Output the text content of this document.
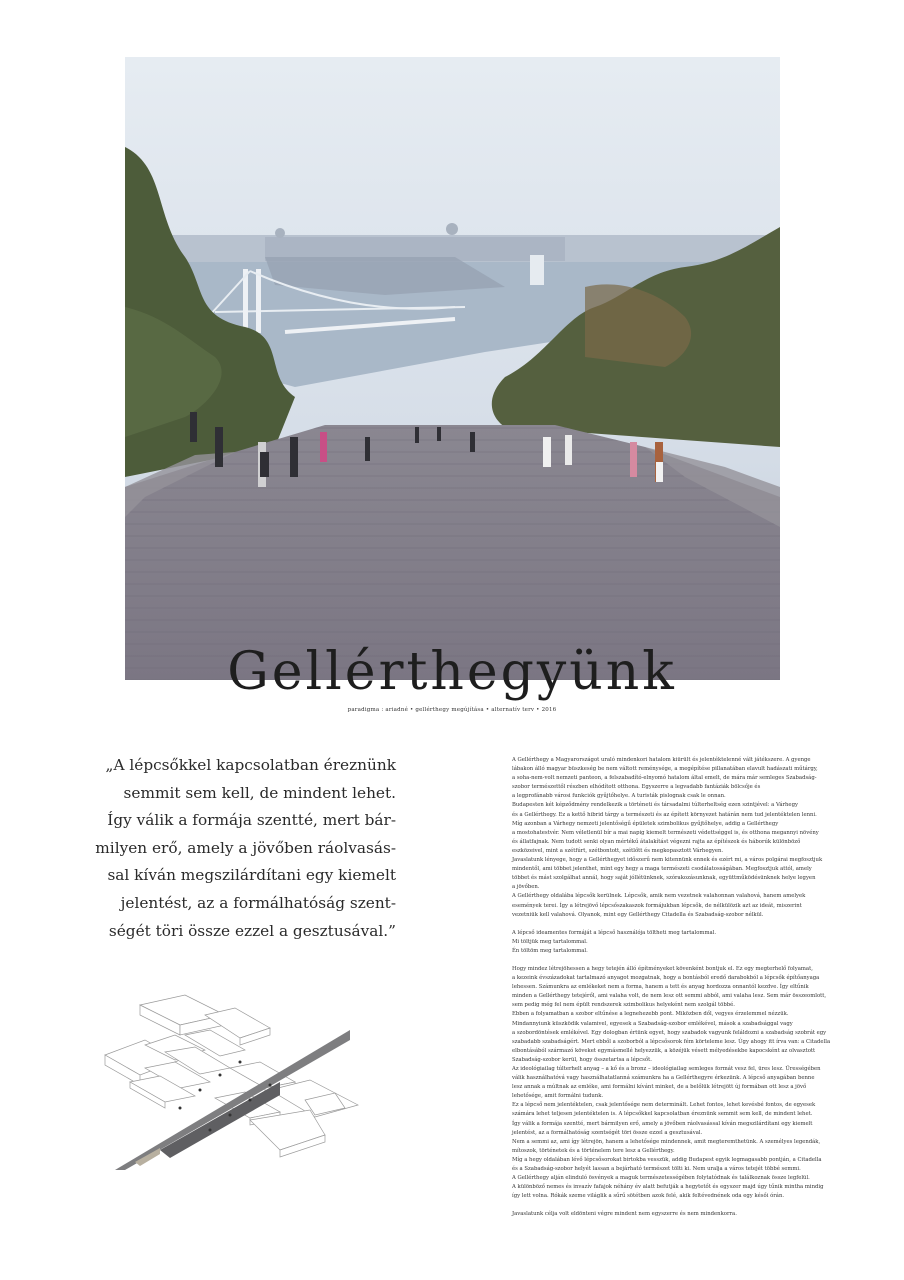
Gellérthegyünk
paradigma : ariadné • gellérthegy megújítása • alternatív terv • 2016

„A lépcsőkkel kapcsolatban éreznünk

semmit sem kell, de mindent lehet.

Így válik a formája szentté, mert bár-

milyen erő, amely a jövőben ráolvasás-

sal kíván megszilárdítani egy kiemelt

jelentést, az a formálhatóság szent-

ségét töri össze ezzel a gesztusával.”

A Gellérthegy a Magyarországot uraló mindenkori hatalom kiürült és jelentéktelenné vált játékszere. A gyenge

lábakon álló magyar büszkeség be nem váltott reménysége, a megépítése pillanatában elavult hadászati műtárgy,

a soha-nem-volt nemzeti panteon, a felszabadító-elnyomó hatalom által emelt, de mára már semleges Szabadság-

szobor természettől részben elhódított otthona. Egyszerre a legvadabb fantáziák bölcsője és

a legprofánabb városi funkciók gyűjtőhelye. A turisták pislognak csak le onnan.

Budapesten két képződmény rendelkezik a történeti és társadalmi túlterheltség ezen szintjével: a Várhegy

és a Gellérthegy. Ez a kettő hibrid tárgy a természeti és az épített környezet határán nem tud jelentéktelen lenni.

Míg azonban a Várhegy nemzeti jelentőségű épületek szimbolikus gyűjtőhelye, addig a Gellérthegy

a mostohatestvér. Nem véletlenül bír a mai napig kiemelt természeti védettséggel is, és otthona megannyi növény

és állatfajnak. Nem tudott senki olyan mértékű átalakítást végezni rajta az építészek és háborúk különböző

eszközeivel, mint a szétfúrt, szétbontott, szétlőtt és megkopasztott Várhegyen.

Javaslatunk lényege, hogy a Gellérthegyet időszerű nem kitennünk ennek és ezért mi, a város polgárai megfosztjuk

mindentől, ami többet jelenthet, mint egy hegy a maga természeti csodálatosságában. Megfosztjuk attól, amely

többet és mást szolgálhat annál, hogy saját jóllétünknek, szórakozásunknak, együttműködésünknek helye legyen

a jövőben.

A Gellérthegy oldalába lépcsők kerülnek. Lépcsők, amik nem vezetnek valahonnan valahová, hanem amelyek

események terei. Így a létrejövő lépcsőszakaszok formájukban lépcsők, de nélkülözik azt az ideát, miszerint

vezetniük kell valahová. Olyanok, mint egy Gellérthegy Citadella és Szabadság-szobor nélkül.

A lépcső ideamentes formáját a lépcső használója töltheti meg tartalommal.

Mi töltjük meg tartalommal.

Én töltöm meg tartalommal.

Hogy mindez létrejöhessen a hegy tetején álló építményeket kövenként bontjuk el. Ez egy megterhelő folyamat,

a kezeink évszázadokat tartalmazó anyagot mozgatnak, hogy a bontásból eredő darabokból a lépcsők építőanyaga

lehessen. Számunkra az emlékeket nem a forma, hanem a tett és anyag hordozza onnantól kezdve. Így eltűnik

minden a Gellérthegy tetejéről, ami valaha volt, de nem lesz ott semmi abból, ami valaha lesz. Sem már összeomlott,

sem pedig még fel nem épült rendszerek szimbolikus helyeként nem szolgál többé.

Ebben a folyamatban a szobor eltűnése a legnehezebb pont. Miközben dől, vegyes érzelemmel nézzük.

Mindannyiunk küszködik valamivel, egyesek a Szabadság-szobor emlékével, mások a szabadsággal vagy

a szobordöntések emlékével. Egy dologban értünk egyet, hogy szabadok vagyunk feláldozni a szabadság szobrát egy

szabadabb szabadságért. Mert ebből a szoborból a lépcsősorok fém körteleme lesz. Úgy ahogy itt írva van: a Citadella

elbontásából származó köveket egymásmellé helyezzük, a közéjük vésett mélyedésekbe kapocsként az olvasztott

Szabadság-szobor kerül, hogy összetartsa a lépcsőt.

Az ideológiailag túlterhelt anyag – a kő és a bronz – ideológiailag semleges formát vesz fel, üres lesz. Ürességében

válik használhatóvá vagy használhatatlanná számunkra ha a Gellérthegyre érkezünk. A lépcső anyagában benne

lesz annak a múltnak az emléke, ami formálni kívánt minket, de a belőlük létrejött új formában ott lesz a jövő

lehetősége, amit formálni tudunk.

Ez a lépcső nem jelentéktelen, csak jelentősége nem determinált. Lehet fontos, lehet kevésbé fontos, de egyesek

számára lehet teljesen jelentéktelen is. A lépcsőkkel kapcsolatban éreznünk semmit sem kell, de mindent lehet.

Így válik a formája szentté, mert bármilyen erő, amely a jövőben ráolvasással kíván megszilárdítani egy kiemelt

jelentést, az a formálhatóság szentségét töri össze ezzel a gesztusával.

Nem a semmi az, ami így létrejön, hanem a lehetősége mindennek, amit megteremthetünk. A személyes legendák,

mítoszok, történetek és a történelem tere lesz a Gellérthegy.

Míg a hegy oldalában lévő lépcsősorokat birtokba vesszük, addig Budapest egyik legmagasabb pontján, a Citadella

és a Szabadság-szobor helyét lassan a bejárható természet tölti ki. Nem uralja a város tetejét többé semmi.

A Gellérthegy alján elinduló ösvények a maguk természetességében folytatódnak és találkoznak össze legfelül.

A különböző nemes és invazív fafajok néhány év alatt befutják a hegytetőt és egyszer majd úgy tűnik mintha mindig

így lett volna. Rókák szeme világlik a sűrű sötétben azok felé, akik feltévednének oda egy késői órán.

Javaslatunk célja volt eldönteni végre mindent nem egyszerre és nem mindenkorra.
